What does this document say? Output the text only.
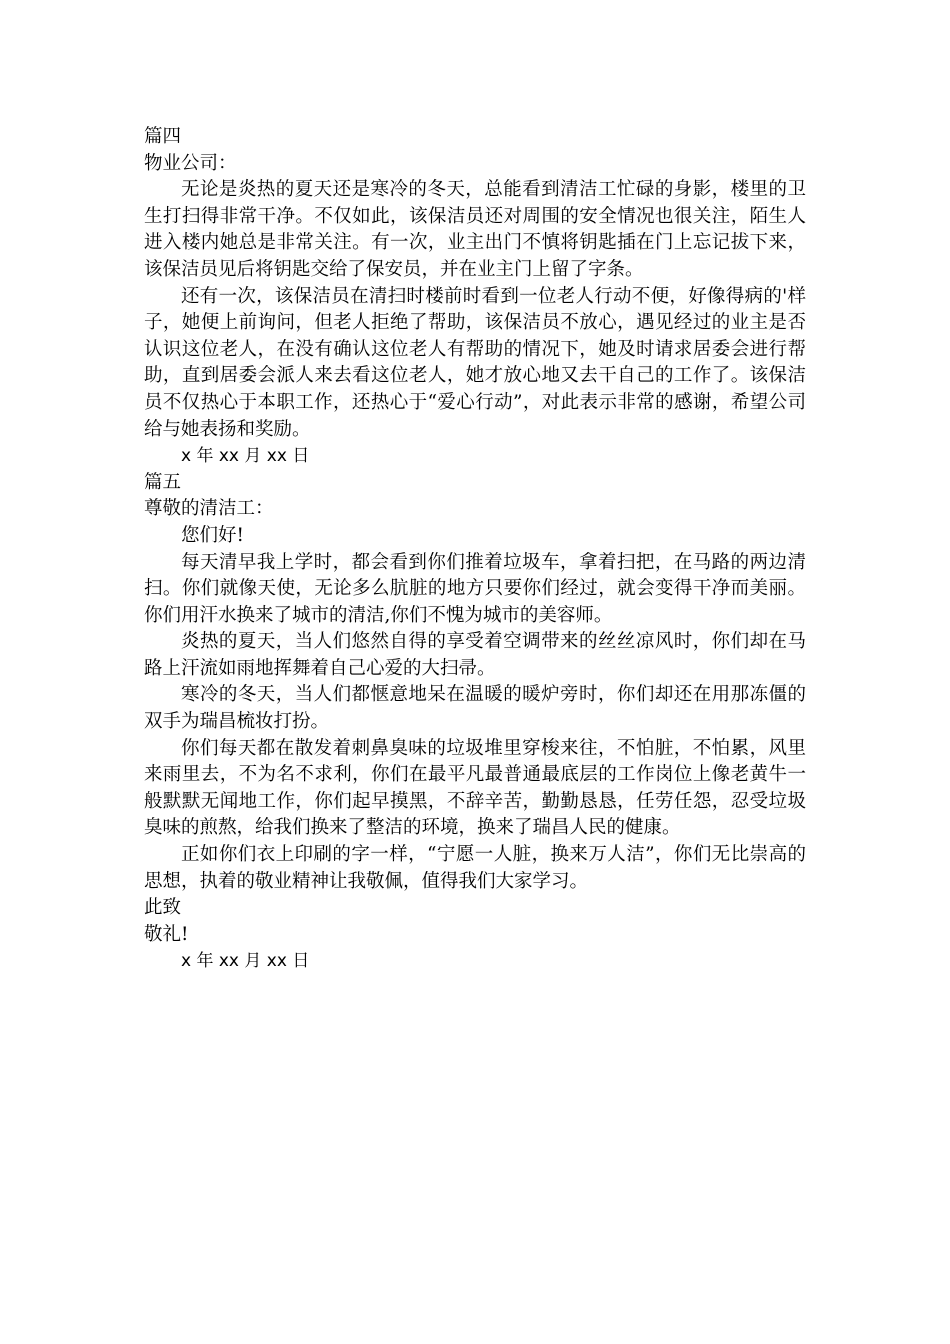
篇四

物业公司：

无论是炎热的夏天还是寒冷的冬天，总能看到清洁工忙碌的身影，楼里的卫生打扫得非常干净。不仅如此，该保洁员还对周围的安全情况也很关注，陌生人进入楼内她总是非常关注。有一次，业主出门不慎将钥匙插在门上忘记拔下来，该保洁员见后将钥匙交给了保安员，并在业主门上留了字条。

还有一次，该保洁员在清扫时楼前时看到一位老人行动不便，好像得病的'样子，她便上前询问，但老人拒绝了帮助，该保洁员不放心，遇见经过的业主是否认识这位老人，在没有确认这位老人有帮助的情况下，她及时请求居委会进行帮助，直到居委会派人来去看这位老人，她才放心地又去干自己的工作了。该保洁员不仅热心于本职工作，还热心于“爱心行动”，对此表示非常的感谢，希望公司给与她表扬和奖励。

x 年 xx 月 xx 日

篇五

尊敬的清洁工：

您们好!

每天清早我上学时，都会看到你们推着垃圾车，拿着扫把，在马路的两边清扫。你们就像天使，无论多么肮脏的地方只要你们经过，就会变得干净而美丽。你们用汗水换来了城市的清洁,你们不愧为城市的美容师。

炎热的夏天，当人们悠然自得的享受着空调带来的丝丝凉风时，你们却在马路上汗流如雨地挥舞着自己心爱的大扫帚。

寒冷的冬天，当人们都惬意地呆在温暖的暖炉旁时，你们却还在用那冻僵的双手为瑞昌梳妆打扮。

你们每天都在散发着刺鼻臭味的垃圾堆里穿梭来往，不怕脏，不怕累，风里来雨里去，不为名不求利，你们在最平凡最普通最底层的工作岗位上像老黄牛一般默默无闻地工作，你们起早摸黑，不辞辛苦，勤勤恳恳，任劳任怨，忍受垃圾臭味的煎熬，给我们换来了整洁的环境，换来了瑞昌人民的健康。

正如你们衣上印刷的字一样，“宁愿一人脏，换来万人洁”，你们无比崇高的思想，执着的敬业精神让我敬佩，值得我们大家学习。

此致

敬礼!

x 年 xx 月 xx 日
